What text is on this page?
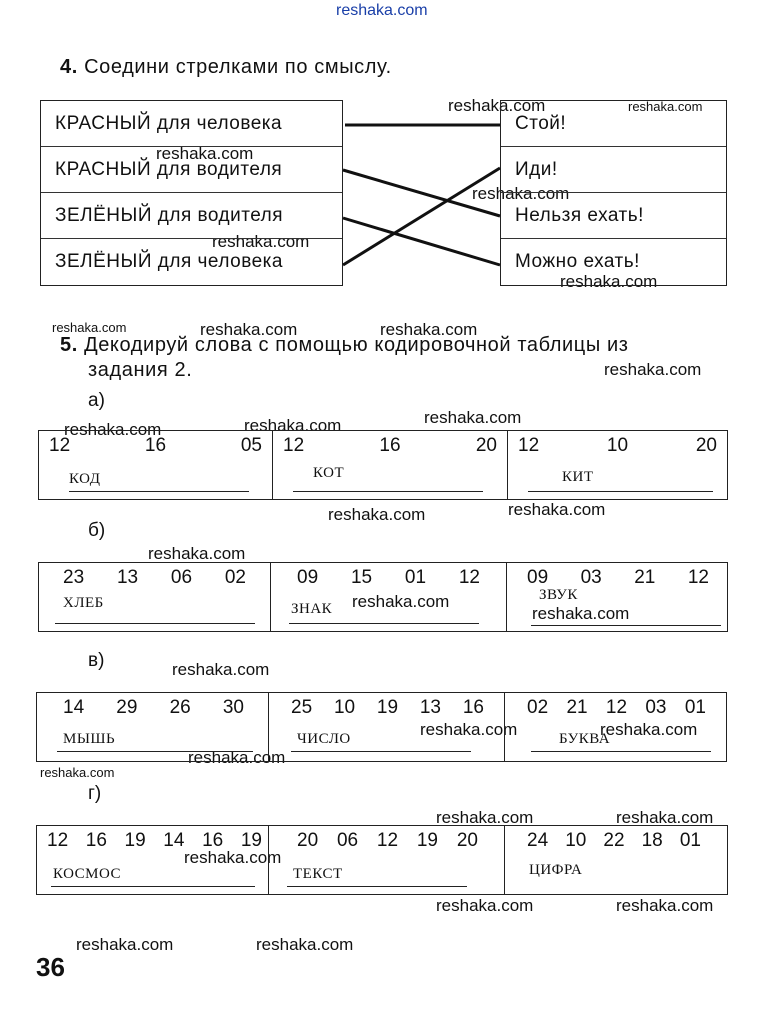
reshaka.com
reshaka.com	reshaka.com
reshaka.com
reshaka.com
reshaka.com
reshaka.com
reshaka.com	reshaka.com	reshaka.com
reshaka.com
reshaka.com
reshaka.com	reshaka.com
reshaka.com	reshaka.com
reshaka.com
reshaka.com
reshaka.com
reshaka.com
reshaka.com	reshaka.com
reshaka.com
reshaka.com
reshaka.com	reshaka.com
reshaka.com
reshaka.com	reshaka.com
reshaka.com	reshaka.com
4. Соедини стрелками по смыслу.
КРАСНЫЙ для человека
КРАСНЫЙ для водителя
ЗЕЛЁНЫЙ для водителя
ЗЕЛЁНЫЙ для человека
Стой!
Иди!
Нельзя ехать!
Можно ехать!
5. Декодируй слова с помощью кодировочной таблицы из
задания 2.
а)
12	16	05
КОД
12	16	20
КОТ
12	10	20
КИТ
б)
23 13 06 02
ХЛЕБ
09 15 01 12
ЗНАК
09 03 21 12
ЗВУК
в)
14 29 26 30
МЫШЬ
25 10 19 13 16
ЧИСЛО
02 21 12 03 01
БУКВА
г)
12 16 19 14 16 19
КОСМОС
20 06 12 19 20
ТЕКСТ
24 10 22 18 01
ЦИФРА
36
